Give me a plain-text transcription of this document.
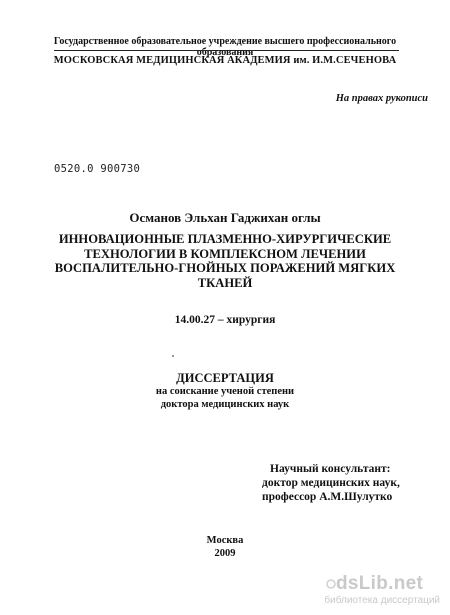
Государственное образовательное учреждение высшего профессионального образования
МОСКОВСКАЯ МЕДИЦИНСКАЯ АКАДЕМИЯ им. И.М.СЕЧЕНОВА
На правах рукописи
0520.0 900730
Османов Эльхан Гаджихан оглы
ИННОВАЦИОННЫЕ ПЛАЗМЕННО-ХИРУРГИЧЕСКИЕ
ТЕХНОЛОГИИ В КОМПЛЕКСНОМ ЛЕЧЕНИИ
ВОСПАЛИТЕЛЬНО-ГНОЙНЫХ ПОРАЖЕНИЙ МЯГКИХ
ТКАНЕЙ
14.00.27 – хирургия
ДИССЕРТАЦИЯ
на соискание ученой степени
доктора медицинских наук
Научный консультант:
доктор медицинских наук,
профессор А.М.Шулутко
Москва
2009
dsLib.net
библиотека диссертаций
